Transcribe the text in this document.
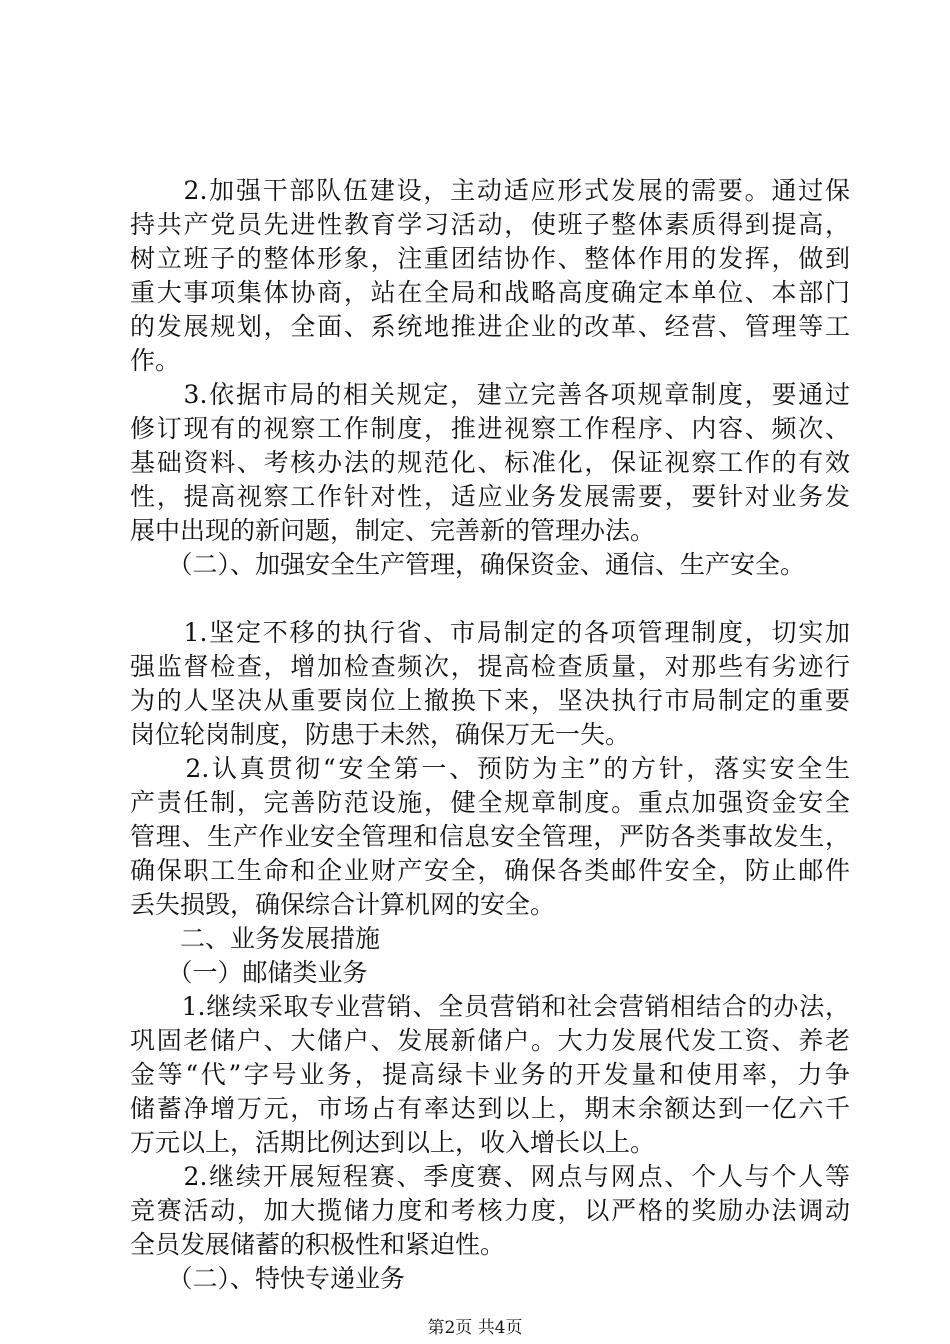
　　2.加强干部队伍建设，主动适应形式发展的需要。通过保
持共产党员先进性教育学习活动，使班子整体素质得到提高，
树立班子的整体形象，注重团结协作、整体作用的发挥，做到
重大事项集体协商，站在全局和战略高度确定本单位、本部门
的发展规划，全面、系统地推进企业的改革、经营、管理等工
作。
　　3.依据市局的相关规定，建立完善各项规章制度，要通过
修订现有的视察工作制度，推进视察工作程序、内容、频次、
基础资料、考核办法的规范化、标准化，保证视察工作的有效
性，提高视察工作针对性，适应业务发展需要，要针对业务发
展中出现的新问题，制定、完善新的管理办法。
　　（二）、加强安全生产管理，确保资金、通信、生产安全。
　　1.坚定不移的执行省、市局制定的各项管理制度，切实加
强监督检查，增加检查频次，提高检查质量，对那些有劣迹行
为的人坚决从重要岗位上撤换下来，坚决执行市局制定的重要
岗位轮岗制度，防患于未然，确保万无一失。
　　2.认真贯彻“安全第一、预防为主”的方针，落实安全生
产责任制，完善防范设施，健全规章制度。重点加强资金安全
管理、生产作业安全管理和信息安全管理，严防各类事故发生，
确保职工生命和企业财产安全，确保各类邮件安全，防止邮件
丢失损毁，确保综合计算机网的安全。
　　二、业务发展措施
　　（一）邮储类业务
　　1.继续采取专业营销、全员营销和社会营销相结合的办法，
巩固老储户、大储户、发展新储户。大力发展代发工资、养老
金等“代”字号业务，提高绿卡业务的开发量和使用率，力争
储蓄净增万元，市场占有率达到以上，期末余额达到一亿六千
万元以上，活期比例达到以上，收入增长以上。
　　2.继续开展短程赛、季度赛、网点与网点、个人与个人等
竞赛活动，加大揽储力度和考核力度，以严格的奖励办法调动
全员发展储蓄的积极性和紧迫性。
　　（二）、特快专递业务
第2页 共4页
